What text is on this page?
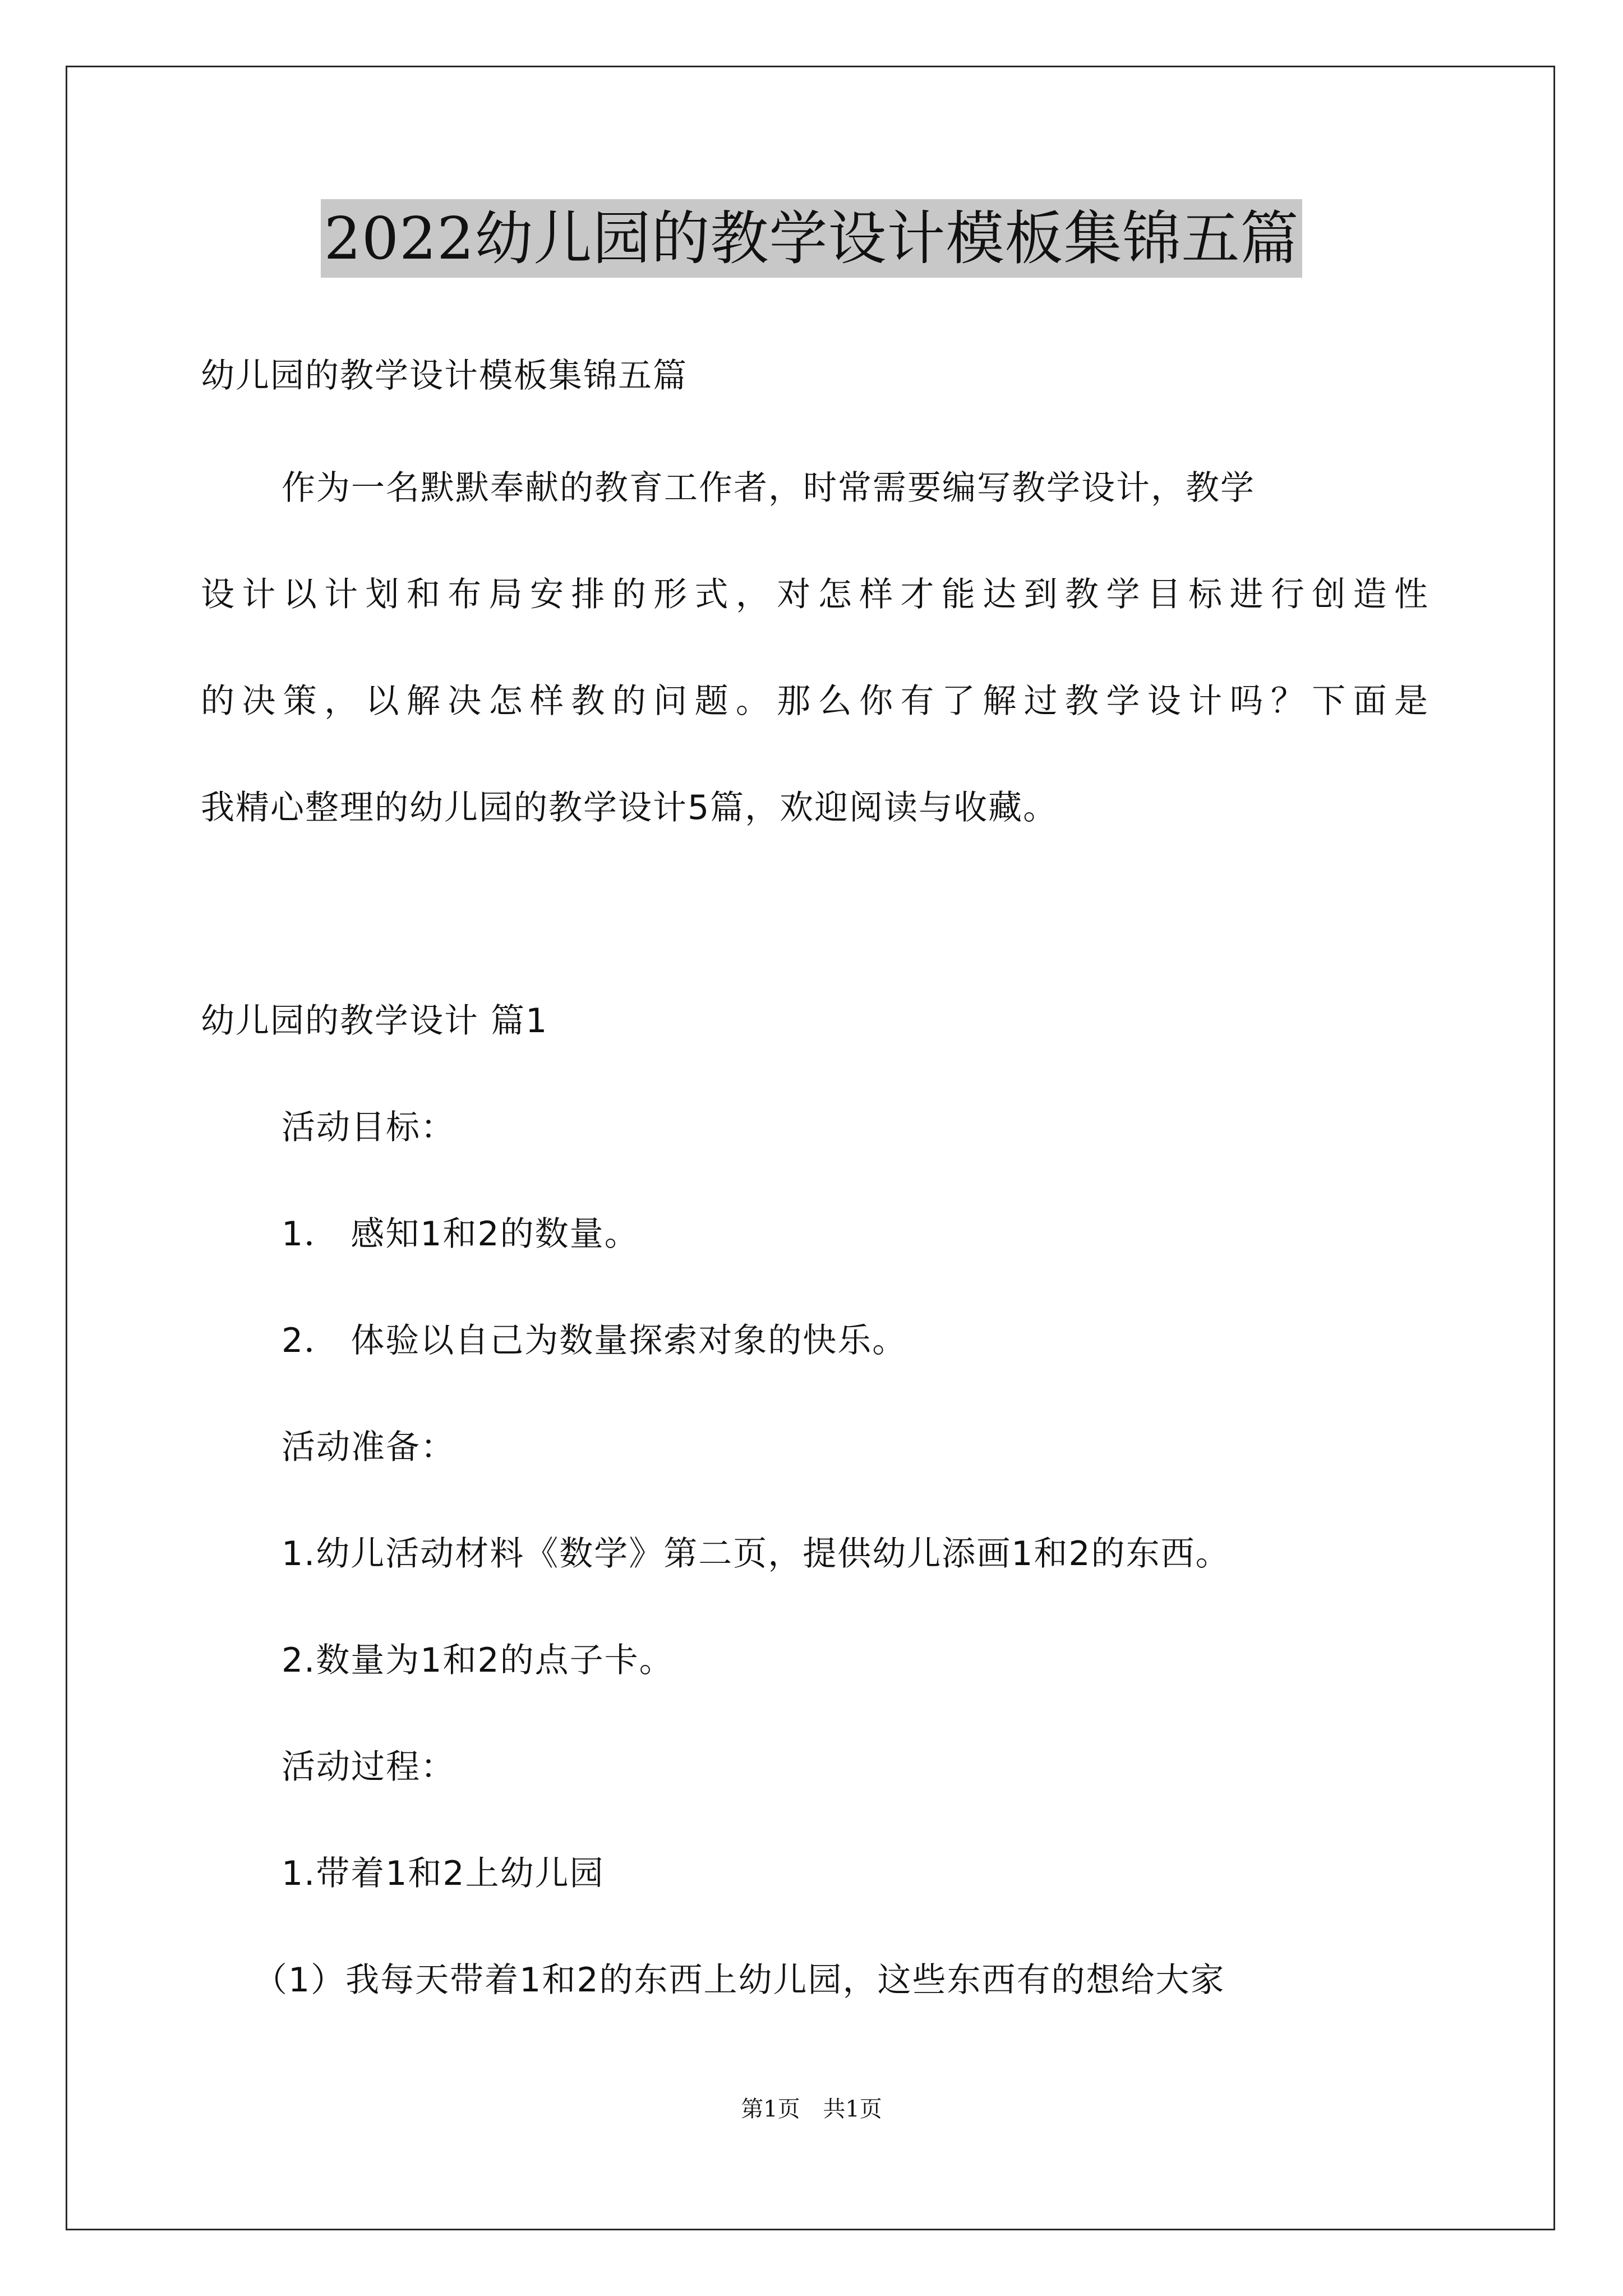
2022幼儿园的教学设计模板集锦五篇
幼儿园的教学设计模板集锦五篇
作为一名默默奉献的教育工作者，时常需要编写教学设计，教学
设计以计划和布局安排的形式，对怎样才能达到教学目标进行创造性
的决策，以解决怎样教的问题。那么你有了解过教学设计吗？下面是
我精心整理的幼儿园的教学设计5篇，欢迎阅读与收藏。
幼儿园的教学设计 篇1
活动目标：
1． 感知1和2的数量。
2． 体验以自己为数量探索对象的快乐。
活动准备：
1.幼儿活动材料《数学》第二页，提供幼儿添画1和2的东西。
2.数量为1和2的点子卡。
活动过程：
1.带着1和2上幼儿园
（1）我每天带着1和2的东西上幼儿园，这些东西有的想给大家
第1页 共1页
